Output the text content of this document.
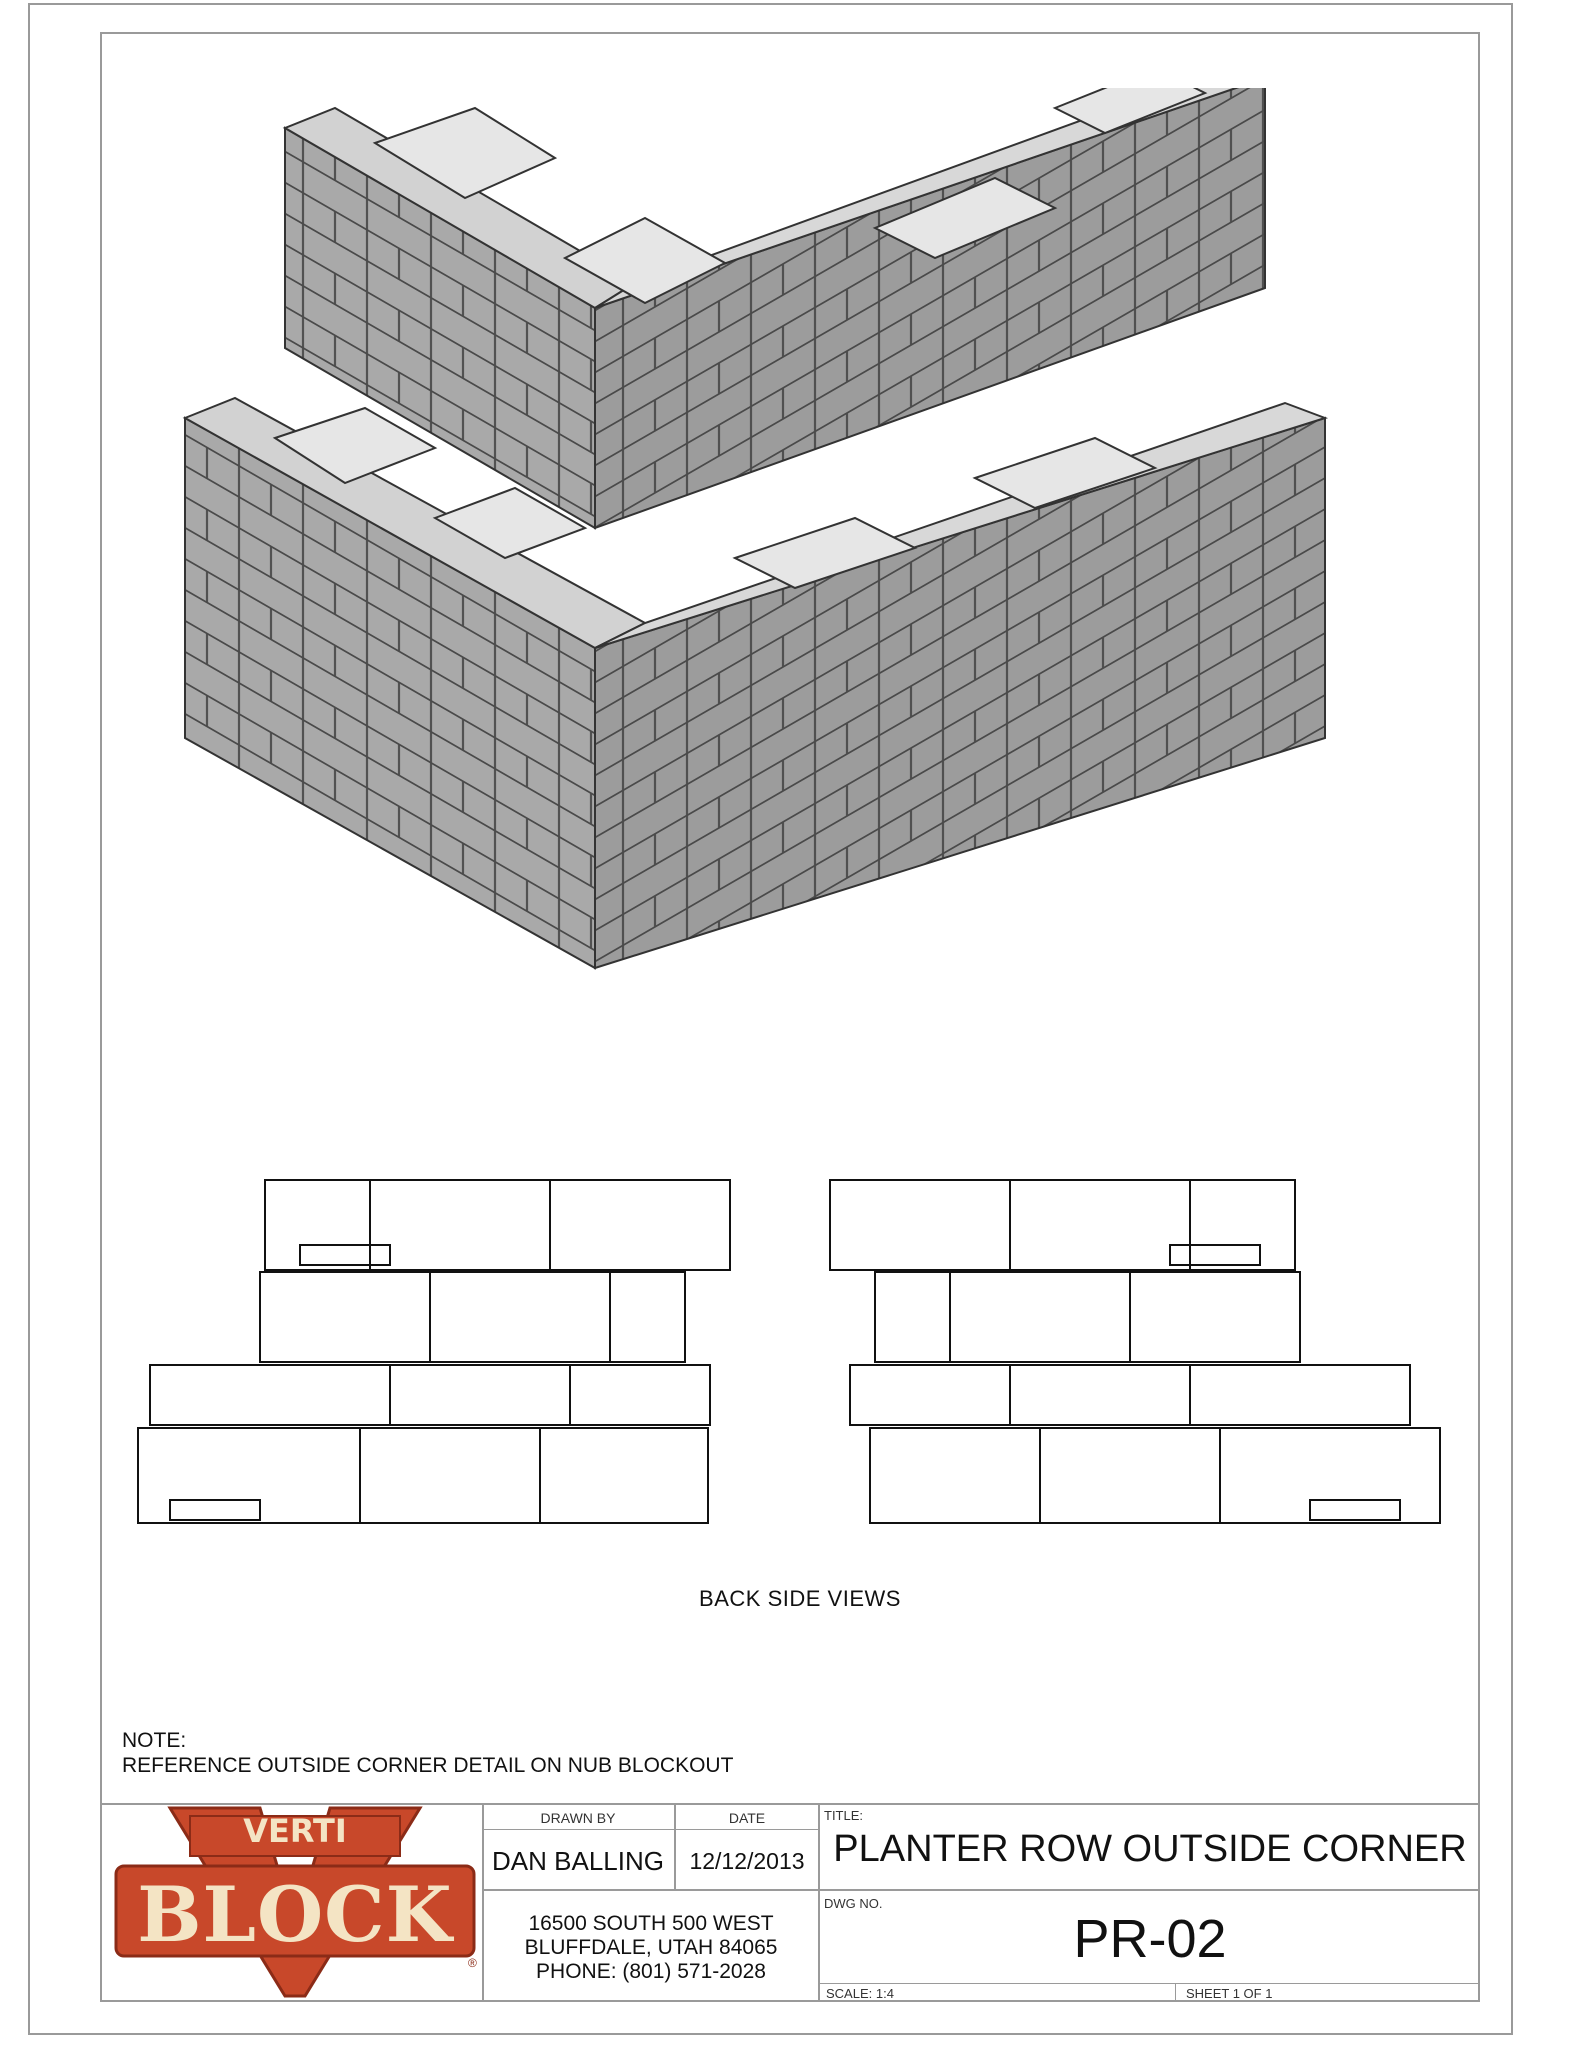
BACK SIDE VIEWS
NOTE:
REFERENCE OUTSIDE CORNER DETAIL ON NUB BLOCKOUT
VERTI
BLOCK
®
DRAWN BY	DATE
DAN BALLING	12/12/2013
16500 SOUTH 500 WEST
BLUFFDALE, UTAH 84065
PHONE: (801) 571-2028
TITLE:
PLANTER ROW OUTSIDE CORNER
DWG NO.
PR-02
SCALE: 1:4	SHEET 1 OF 1
